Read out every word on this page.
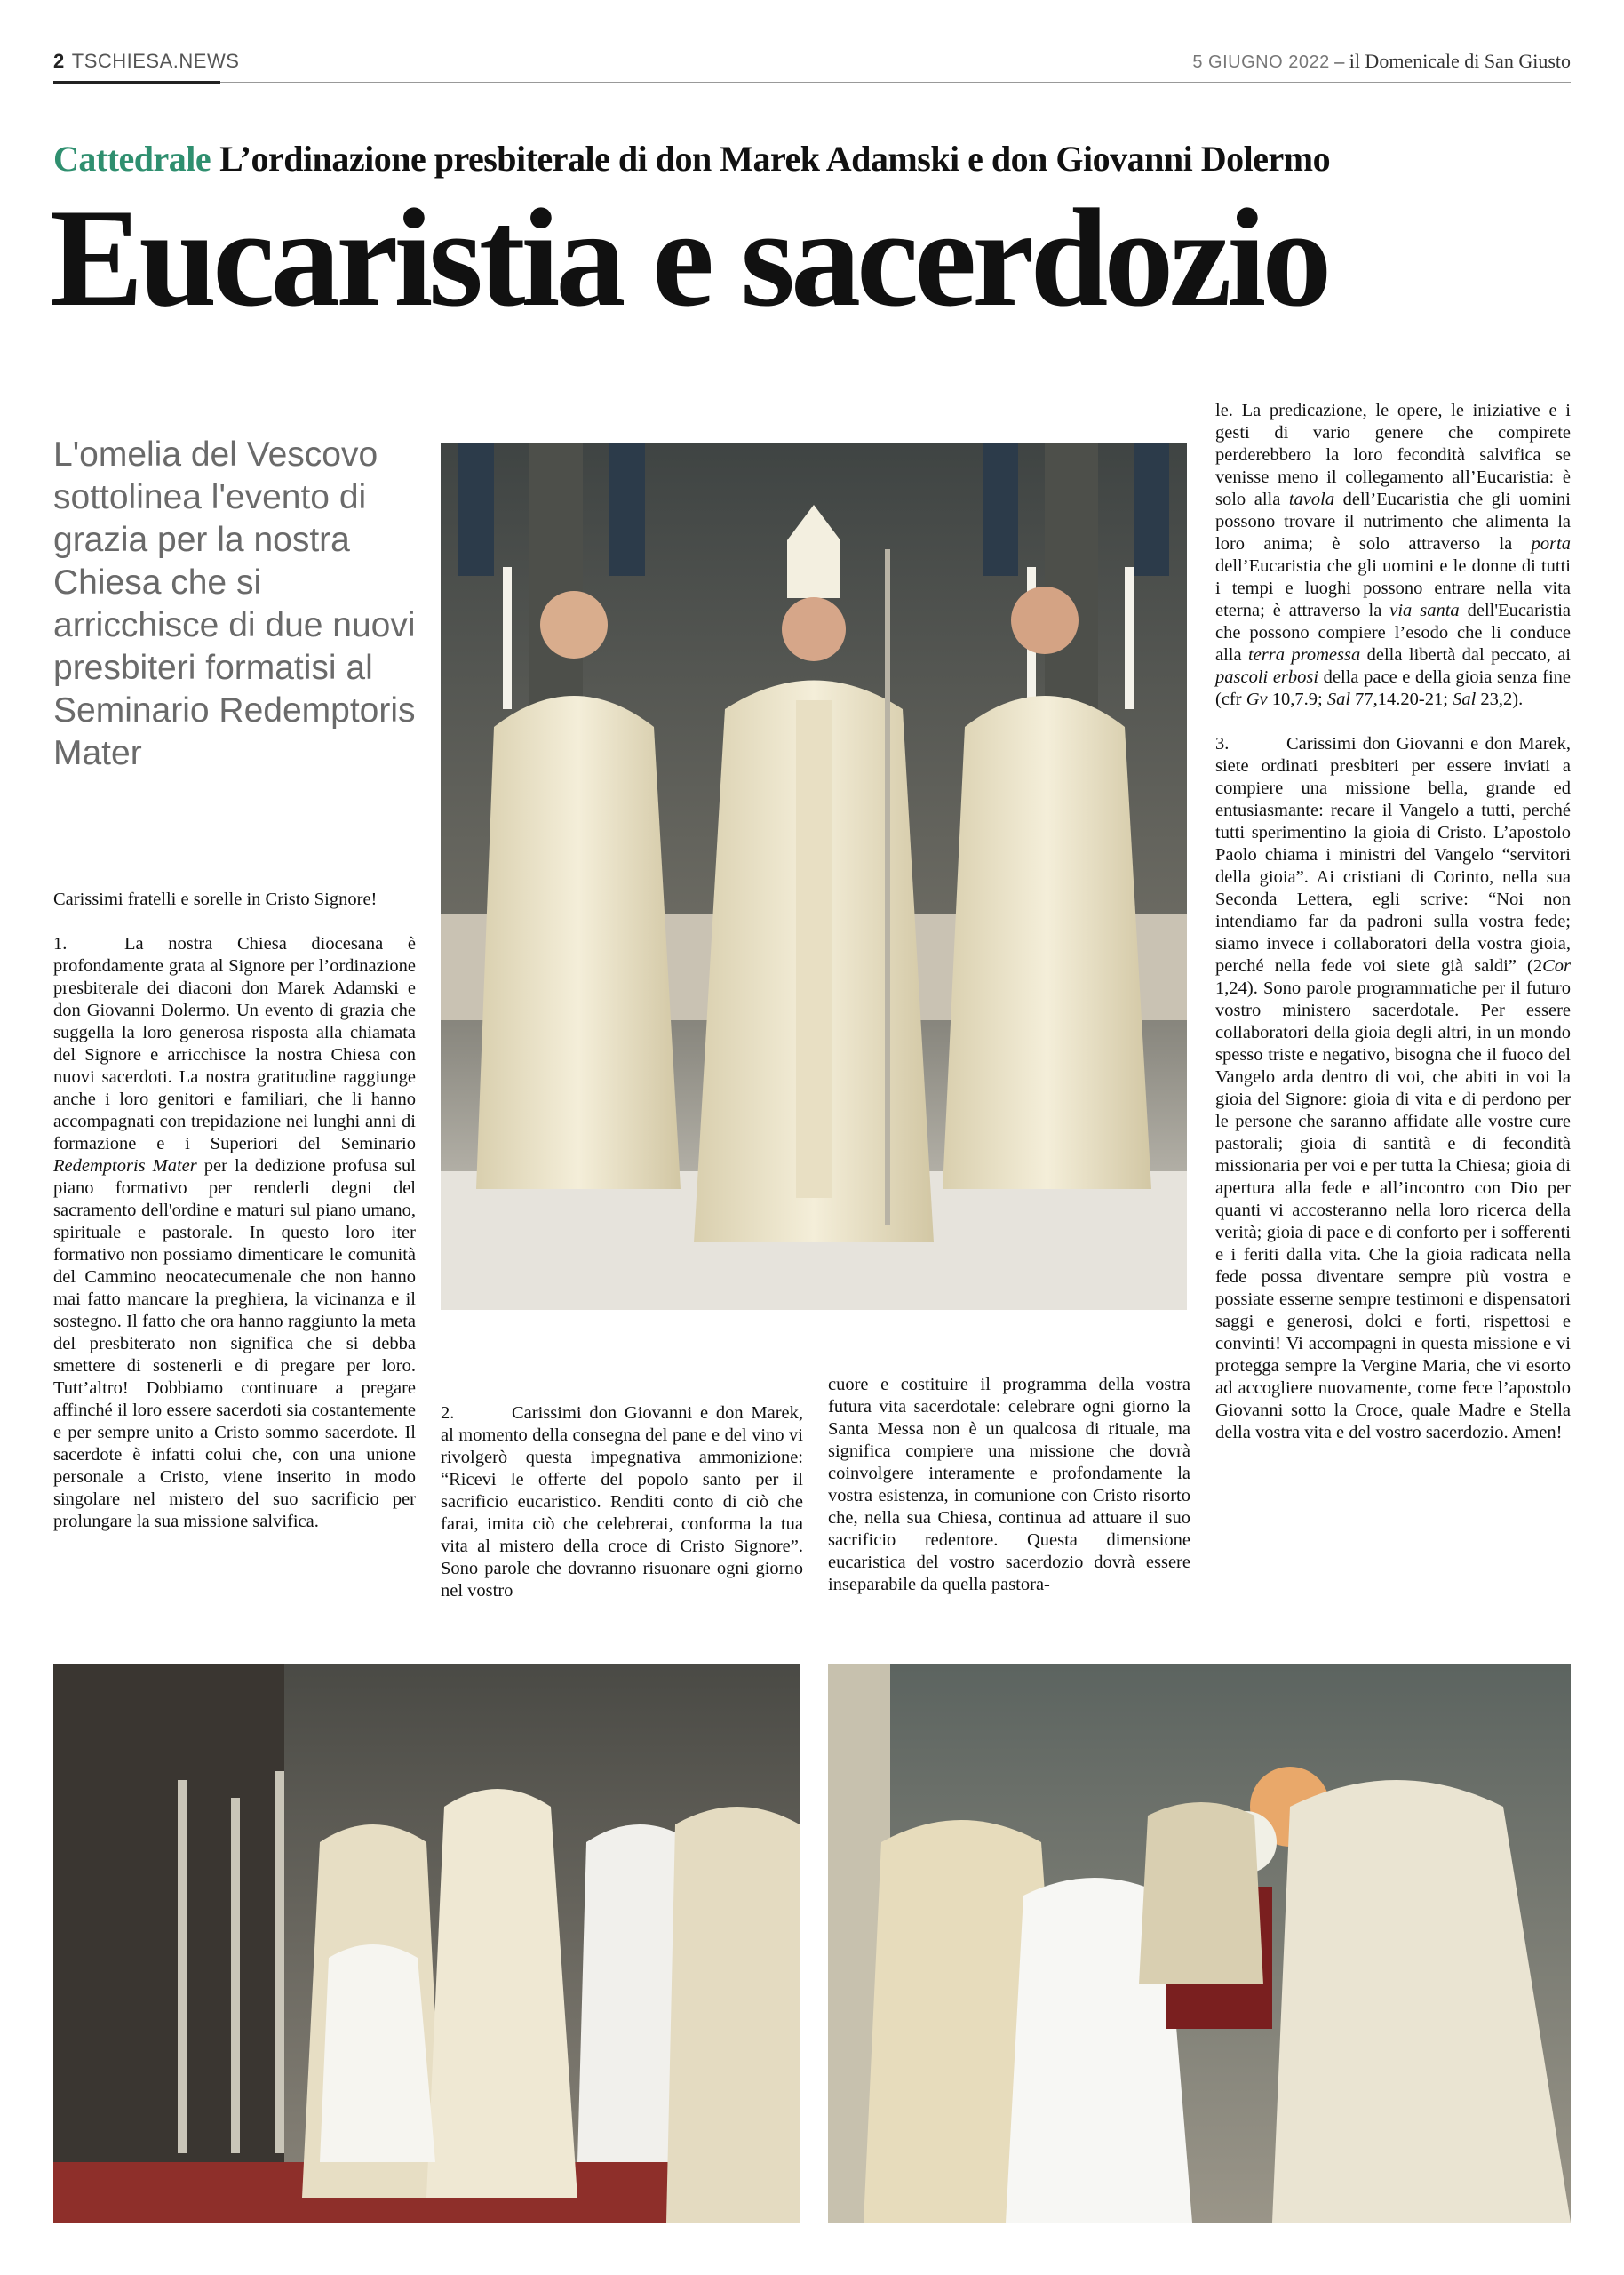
2 TSCHIESA.NEWS	5 GIUGNO 2022 – il Domenicale di San Giusto
Cattedrale L’ordinazione presbiterale di don Marek Adamski e don Giovanni Dolermo
Eucaristia e sacerdozio
L'omelia del Vescovo sottolinea l'evento di grazia per la nostra Chiesa che si arricchisce di due nuovi presbiteri formatisi al Seminario Redemptoris Mater

Carissimi fratelli e sorelle in Cristo Signore!

1.	La nostra Chiesa diocesana è profondamente grata al Signore per l’ordinazione presbiterale dei diaconi don Marek Adamski e don Giovanni Dolermo. Un evento di grazia che suggella la loro generosa risposta alla chiamata del Signore e arricchisce la nostra Chiesa con nuovi sacerdoti. La nostra gratitudine raggiunge anche i loro genitori e familiari, che li hanno accompagnati con trepidazione nei lunghi anni di formazione e i Superiori del Seminario Redemptoris Mater per la dedizione profusa sul piano formativo per renderli degni del sacramento dell'ordine e maturi sul piano umano, spirituale e pastorale. In questo loro iter formativo non possiamo dimenticare le comunità del Cammino neocatecumenale che non hanno mai fatto mancare la preghiera, la vicinanza e il sostegno. Il fatto che ora hanno raggiunto la meta del presbiterato non significa che si debba smettere di sostenerli e di pregare per loro. Tutt’altro! Dobbiamo continuare a pregare affinché il loro essere sacerdoti sia costantemente e per sempre unito a Cristo sommo sacerdote. Il sacerdote è infatti colui che, con una unione personale a Cristo, viene inserito in modo singolare nel mistero del suo sacrificio per prolungare la sua missione salvifica.

2.	Carissimi don Giovanni e don Marek, al momento della consegna del pane e del vino vi rivolgerò questa impegnativa ammonizione: “Ricevi le offerte del popolo santo per il sacrificio eucaristico. Renditi conto di ciò che farai, imita ciò che celebrerai, conforma la tua vita al mistero della croce di Cristo Signore”. Sono parole che dovranno risuonare ogni giorno nel vostro

cuore e costituire il programma della vostra futura vita sacerdotale: celebrare ogni giorno la Santa Messa non è un qualcosa di rituale, ma significa compiere una missione che dovrà coinvolgere interamente e profondamente la vostra esistenza, in comunione con Cristo risorto che, nella sua Chiesa, continua ad attuare il suo sacrificio redentore. Questa dimensione eucaristica del vostro sacerdozio dovrà essere inseparabile da quella pastora-

le. La predicazione, le opere, le iniziative e i gesti di vario genere che compirete perderebbero la loro fecondità salvifica se venisse meno il collegamento all’Eucaristia: è solo alla tavola dell’Eucaristia che gli uomini possono trovare il nutrimento che alimenta la loro anima; è solo attraverso la porta dell’Eucaristia che gli uomini e le donne di tutti i tempi e luoghi possono entrare nella vita eterna; è attraverso la via santa dell'Eucaristia che possono compiere l’esodo che li conduce alla terra promessa della libertà dal peccato, ai pascoli erbosi della pace e della gioia senza fine (cfr Gv 10,7.9; Sal 77,14.20-21; Sal 23,2).

3.	Carissimi don Giovanni e don Marek, siete ordinati presbiteri per essere inviati a compiere una missione bella, grande ed entusiasmante: recare il Vangelo a tutti, perché tutti sperimentino la gioia di Cristo. L’apostolo Paolo chiama i ministri del Vangelo “servitori della gioia”. Ai cristiani di Corinto, nella sua Seconda Lettera, egli scrive: “Noi non intendiamo far da padroni sulla vostra fede; siamo invece i collaboratori della vostra gioia, perché nella fede voi siete già saldi” (2Cor 1,24). Sono parole programmatiche per il futuro vostro ministero sacerdotale. Per essere collaboratori della gioia degli altri, in un mondo spesso triste e negativo, bisogna che il fuoco del Vangelo arda dentro di voi, che abiti in voi la gioia del Signore: gioia di vita e di perdono per le persone che saranno affidate alle vostre cure pastorali; gioia di santità e di fecondità missionaria per voi e per tutta la Chiesa; gioia di apertura alla fede e all’incontro con Dio per quanti vi accosteranno nella loro ricerca della verità; gioia di pace e di conforto per i sofferenti e i feriti dalla vita. Che la gioia radicata nella fede possa diventare sempre più vostra e possiate esserne sempre testimoni e dispensatori saggi e generosi, dolci e forti, rispettosi e convinti! Vi accompagni in questa missione e vi protegga sempre la Vergine Maria, che vi esorto ad accogliere nuovamente, come fece l’apostolo Giovanni sotto la Croce, quale Madre e Stella della vostra vita e del vostro sacerdozio. Amen!
